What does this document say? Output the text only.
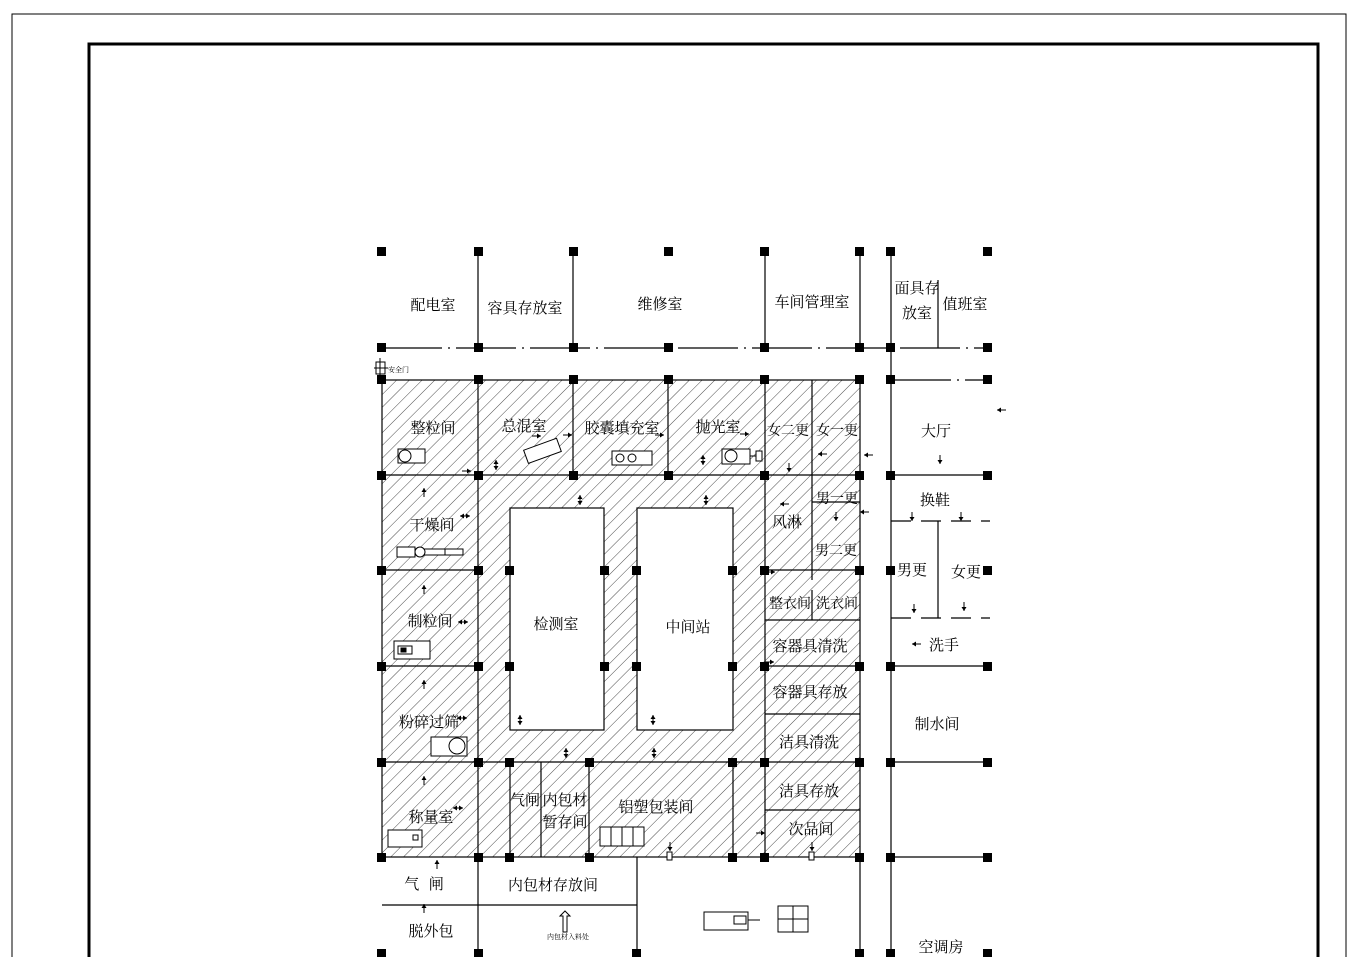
配电室 容具存放室	维修室	车间管理室
面具存
放室 值班室
安全门
整粒间	总混室	胶囊填充室 抛光室
干燥间
制粒间
粉碎过筛
称量室
检测室	中间站
气闸 内包材
暂存间
铝塑包装间
女二更 女一更
男一更
风淋
男二更
整衣间 洗衣间
容器具清洗
容器具存放
洁具清洗
洁具存放
次品间
大厅
换鞋
男更 女更
洗手
制水间
空调房
气  闸	内包材存放间
脱外包	内包材入料处
